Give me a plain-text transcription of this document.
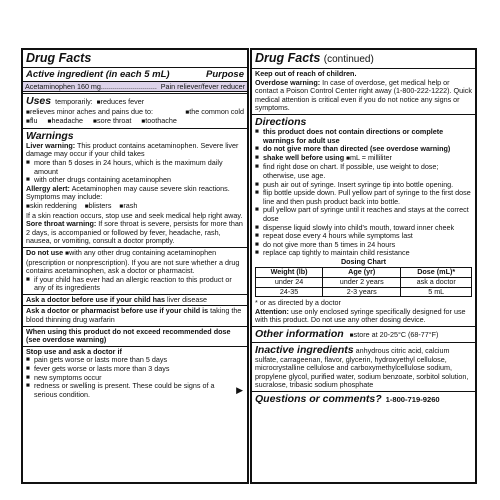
Drug Facts
Active ingredient (in each 5 mL)	Purpose
Acetaminophen 160 mg............................ Pain reliever/fever reducer
Uses temporarily:	■ reduces fever
■ relieves minor aches and pains due to:	■ the common cold
■ flu	■ headache	■ sore throat	■ toothache
Warnings
Liver warning: This product contains acetaminophen. Severe liver damage may occur if your child takes
■ more than 5 doses in 24 hours, which is the maximum daily amount
■ with other drugs containing acetaminophen
Allergy alert: Acetaminophen may cause severe skin reactions. Symptoms may include:
■ skin reddening	■ blisters	■ rash
If a skin reaction occurs, stop use and seek medical help right away.
Sore throat warning: If sore throat is severe, persists for more than 2 days, is accompanied or followed by fever, headache, rash, nausea, or vomiting, consult a doctor promptly.
Do not use ■ with any other drug containing acetaminophen (prescription or nonprescription). If you are not sure whether a drug contains acetaminophen, ask a doctor or pharmacist.
■ if your child has ever had an allergic reaction to this product or any of its ingredients
Ask a doctor before use if your child has liver disease
Ask a doctor or pharmacist before use if your child is taking the blood thinning drug warfarin
When using this product do not exceed recommended dose (see overdose warning)
Stop use and ask a doctor if
■ pain gets worse or lasts more than 5 days
■ fever gets worse or lasts more than 3 days
■ new symptoms occur
■ redness or swelling is present. These could be signs of a serious condition.	▶
Drug Facts (continued)
Keep out of reach of children.
Overdose warning: In case of overdose, get medical help or contact a Poison Control Center right away (1-800-222-1222). Quick medical attention is critical even if you do not notice any signs or symptoms.
Directions
■ this product does not contain directions or complete warnings for adult use
■ do not give more than directed (see overdose warning)
■ shake well before using ■ mL = milliliter
■ find right dose on chart. If possible, use weight to dose; otherwise, use age.
■ push air out of syringe. Insert syringe tip into bottle opening.
■ flip bottle upside down. Pull yellow part of syringe to the first dose line and then push product back into bottle.
■ pull yellow part of syringe until it reaches and stays at the correct dose
■ dispense liquid slowly into child's mouth, toward inner cheek
■ repeat dose every 4 hours while symptoms last
■ do not give more than 5 times in 24 hours
■ replace cap tightly to maintain child resistance
Dosing Chart
Weight (lb)	Age (yr)	Dose (mL)*
under 24	under 2 years	ask a doctor
24-35	2-3 years	5 mL
* or as directed by a doctor
Attention: use only enclosed syringe specifically designed for use with this product. Do not use any other dosing device.
Other information	■ store at 20-25°C (68-77°F)
Inactive ingredients anhydrous citric acid, calcium sulfate, carrageenan, flavor, glycerin, hydroxyethyl cellulose, microcrystalline cellulose and carboxymethylcellulose sodium, propylene glycol, purified water, sodium benzoate, sorbitol solution, sucralose, tribasic sodium phosphate
Questions or comments? 1-800-719-9260
